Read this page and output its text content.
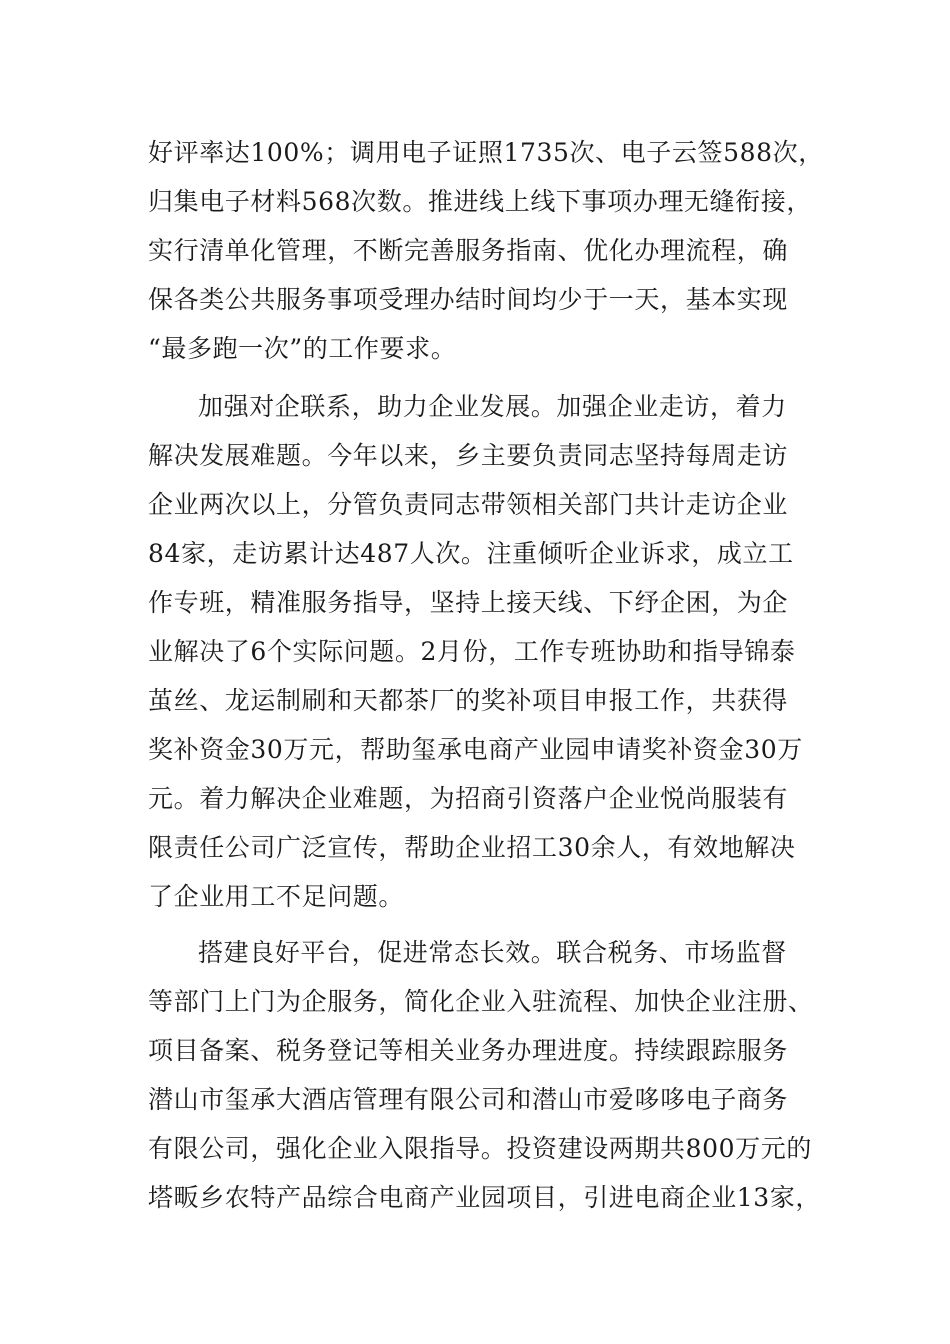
好评率达100%；调用电子证照1735次、电子云签588次，
归集电子材料568次数。推进线上线下事项办理无缝衔接，
实行清单化管理，不断完善服务指南、优化办理流程，确
保各类公共服务事项受理办结时间均少于一天，基本实现
“最多跑一次”的工作要求。
加强对企联系，助力企业发展。加强企业走访，着力
解决发展难题。今年以来，乡主要负责同志坚持每周走访
企业两次以上，分管负责同志带领相关部门共计走访企业
84家，走访累计达487人次。注重倾听企业诉求，成立工
作专班，精准服务指导，坚持上接天线、下纾企困，为企
业解决了6个实际问题。2月份，工作专班协助和指导锦泰
茧丝、龙运制刷和天都茶厂的奖补项目申报工作，共获得
奖补资金30万元，帮助玺承电商产业园申请奖补资金30万
元。着力解决企业难题，为招商引资落户企业悦尚服装有
限责任公司广泛宣传，帮助企业招工30余人，有效地解决
了企业用工不足问题。
搭建良好平台，促进常态长效。联合税务、市场监督
等部门上门为企服务，简化企业入驻流程、加快企业注册、
项目备案、税务登记等相关业务办理进度。持续跟踪服务
潜山市玺承大酒店管理有限公司和潜山市爱哆哆电子商务
有限公司，强化企业入限指导。投资建设两期共800万元的
塔畈乡农特产品综合电商产业园项目，引进电商企业13家，
